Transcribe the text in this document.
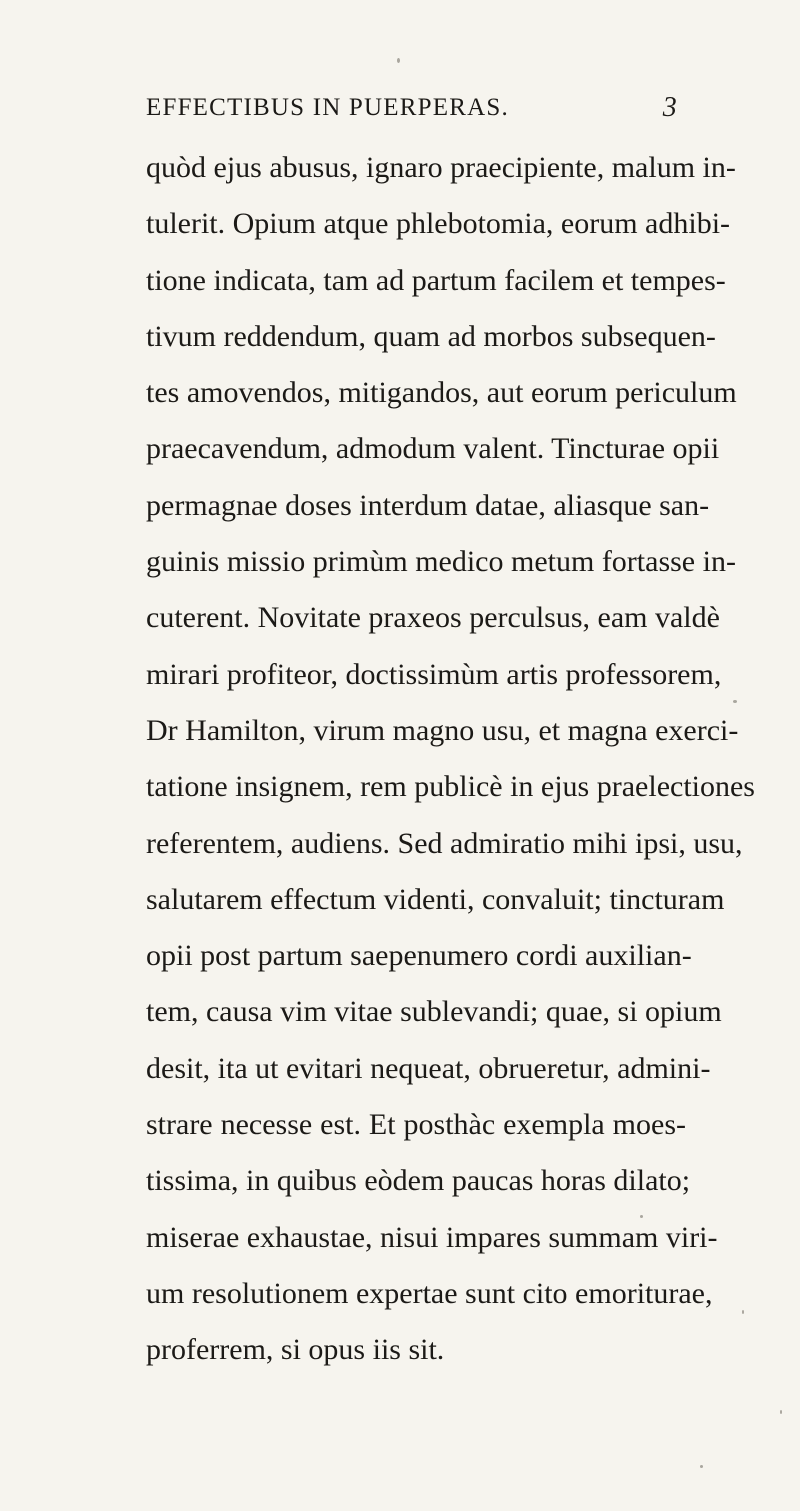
EFFECTIBUS IN PUERPERAS.	3
quòd ejus abusus, ignaro praecipiente, malum in-
tulerit. Opium atque phlebotomia, eorum adhibi-
tione indicata, tam ad partum facilem et tempes-
tivum reddendum, quam ad morbos subsequen-
tes amovendos, mitigandos, aut eorum periculum
praecavendum, admodum valent. Tincturae opii
permagnae doses interdum datae, aliasque san-
guinis missio primùm medico metum fortasse in-
cuterent. Novitate praxeos perculsus, eam valdè
mirari profiteor, doctissimùm artis professorem,
Dr Hamilton, virum magno usu, et magna exerci-
tatione insignem, rem publicè in ejus praelectiones
referentem, audiens. Sed admiratio mihi ipsi, usu,
salutarem effectum videnti, convaluit; tincturam
opii post partum saepenumero cordi auxilian-
tem, causa vim vitae sublevandi; quae, si opium
desit, ita ut evitari nequeat, obrueretur, admini-
strare necesse est. Et posthàc exempla moes-
tissima, in quibus eòdem paucas horas dilato;
miserae exhaustae, nisui impares summam viri-
um resolutionem expertae sunt cito emoriturae,
proferrem, si opus iis sit.
